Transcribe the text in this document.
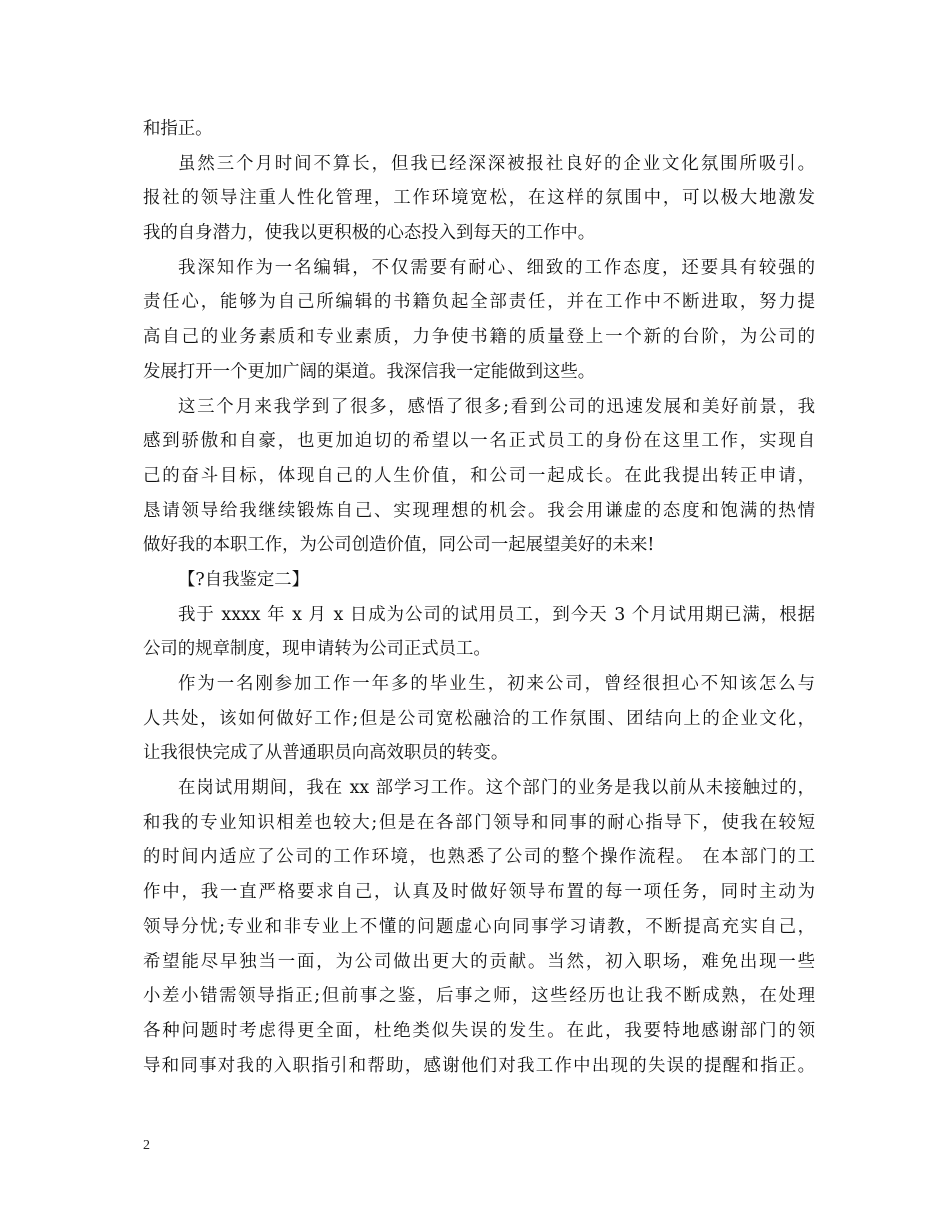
和指正。
虽然三个月时间不算长，但我已经深深被报社良好的企业文化氛围所吸引。
报社的领导注重人性化管理，工作环境宽松，在这样的氛围中，可以极大地激发
我的自身潜力，使我以更积极的心态投入到每天的工作中。
我深知作为一名编辑，不仅需要有耐心、细致的工作态度，还要具有较强的
责任心，能够为自己所编辑的书籍负起全部责任，并在工作中不断进取，努力提
高自己的业务素质和专业素质，力争使书籍的质量登上一个新的台阶，为公司的
发展打开一个更加广阔的渠道。我深信我一定能做到这些。
这三个月来我学到了很多，感悟了很多;看到公司的迅速发展和美好前景，我
感到骄傲和自豪，也更加迫切的希望以一名正式员工的身份在这里工作，实现自
己的奋斗目标，体现自己的人生价值，和公司一起成长。在此我提出转正申请，
恳请领导给我继续锻炼自己、实现理想的机会。我会用谦虚的态度和饱满的热情
做好我的本职工作，为公司创造价值，同公司一起展望美好的未来!
【?自我鉴定二】
我于 xxxx 年 x 月 x 日成为公司的试用员工，到今天 3 个月试用期已满，根据
公司的规章制度，现申请转为公司正式员工。
作为一名刚参加工作一年多的毕业生，初来公司，曾经很担心不知该怎么与
人共处，该如何做好工作;但是公司宽松融洽的工作氛围、团结向上的企业文化，
让我很快完成了从普通职员向高效职员的转变。
在岗试用期间，我在 xx 部学习工作。这个部门的业务是我以前从未接触过的，
和我的专业知识相差也较大;但是在各部门领导和同事的耐心指导下，使我在较短
的时间内适应了公司的工作环境，也熟悉了公司的整个操作流程。 在本部门的工
作中，我一直严格要求自己，认真及时做好领导布置的每一项任务，同时主动为
领导分忧;专业和非专业上不懂的问题虚心向同事学习请教，不断提高充实自己，
希望能尽早独当一面，为公司做出更大的贡献。当然，初入职场，难免出现一些
小差小错需领导指正;但前事之鉴，后事之师，这些经历也让我不断成熟，在处理
各种问题时考虑得更全面，杜绝类似失误的发生。在此，我要特地感谢部门的领
导和同事对我的入职指引和帮助，感谢他们对我工作中出现的失误的提醒和指正。
2
